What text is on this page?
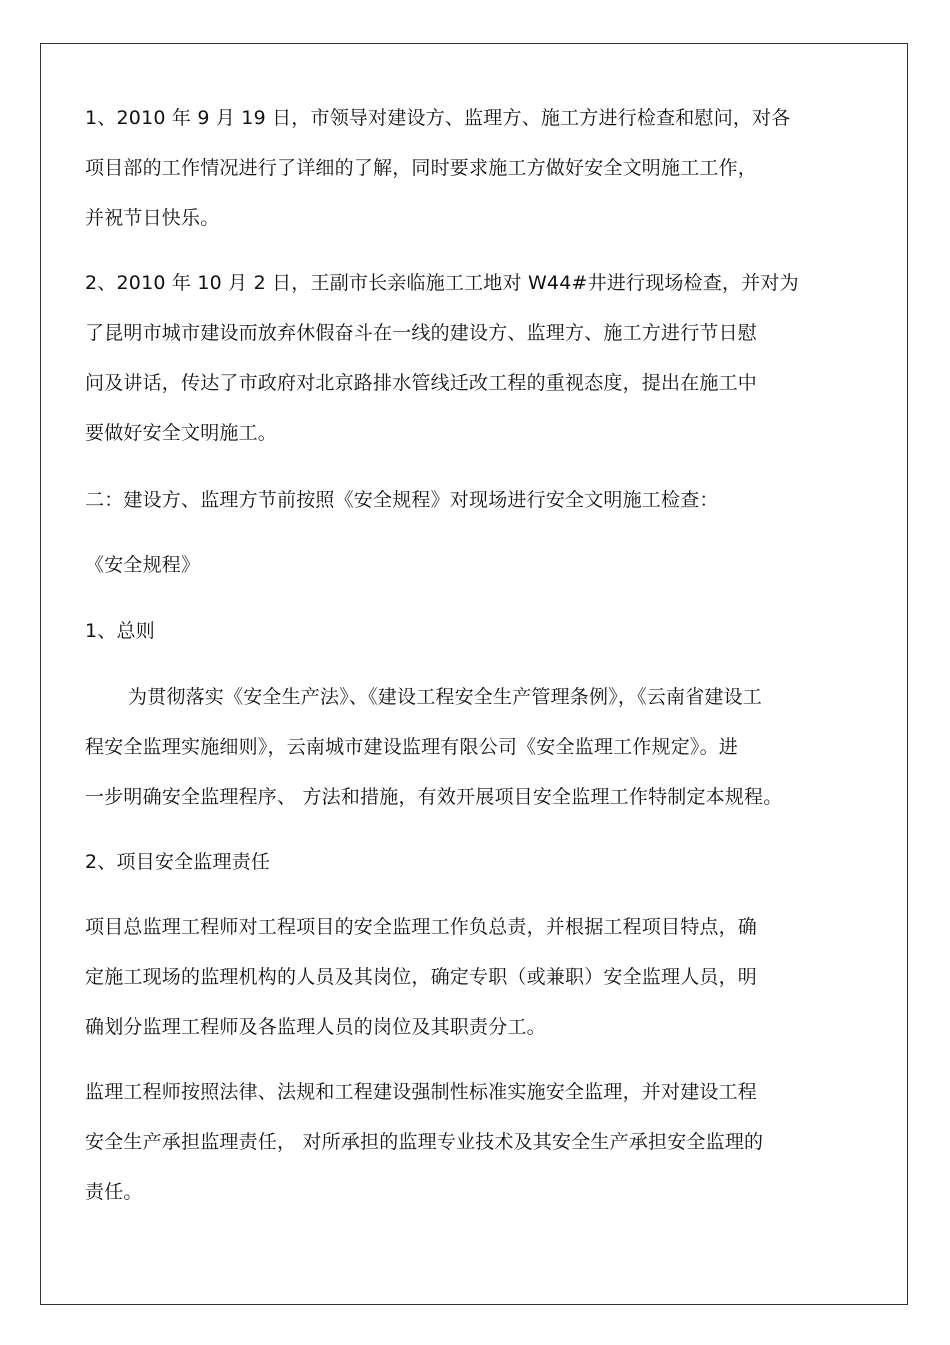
1、2010 年 9 月 19 日，市领导对建设方、监理方、施工方进行检查和慰问，对各
项目部的工作情况进行了详细的了解，同时要求施工方做好安全文明施工工作，
并祝节日快乐。
2、2010 年 10 月 2 日，王副市长亲临施工工地对 W44#井进行现场检查，并对为
了昆明市城市建设而放弃休假奋斗在一线的建设方、监理方、施工方进行节日慰
问及讲话，传达了市政府对北京路排水管线迁改工程的重视态度，提出在施工中
要做好安全文明施工。
二：建设方、监理方节前按照《安全规程》对现场进行安全文明施工检查：
《安全规程》
1、总则
为贯彻落实《安全生产法》、《建设工程安全生产管理条例》，《云南省建设工
程安全监理实施细则》，云南城市建设监理有限公司《安全监理工作规定》。进
一步明确安全监理程序、 方法和措施，有效开展项目安全监理工作特制定本规程。
2、项目安全监理责任
项目总监理工程师对工程项目的安全监理工作负总责，并根据工程项目特点，确
定施工现场的监理机构的人员及其岗位，确定专职（或兼职）安全监理人员，明
确划分监理工程师及各监理人员的岗位及其职责分工。
监理工程师按照法律、法规和工程建设强制性标准实施安全监理，并对建设工程
安全生产承担监理责任， 对所承担的监理专业技术及其安全生产承担安全监理的
责任。
